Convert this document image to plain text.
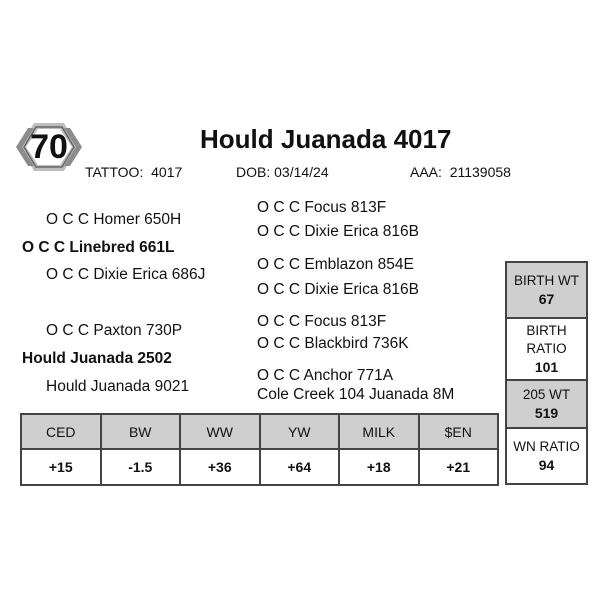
70	Hould Juanada 4017
TATTOO: 4017	DOB: 03/14/24	AAA: 21139058
O C C Homer 650H
O C C Linebred 661L
O C C Dixie Erica 686J
O C C Paxton 730P
Hould Juanada 2502
Hould Juanada 9021
O C C Focus 813F
O C C Dixie Erica 816B
O C C Emblazon 854E
O C C Dixie Erica 816B
O C C Focus 813F
O C C Blackbird 736K
O C C Anchor 771A
Cole Creek 104 Juanada 8M
CED	BW	WW	YW	MILK	$EN
+15	-1.5	+36	+64	+18	+21
BIRTH WT
67
BIRTH
RATIO
101
205 WT
519
WN RATIO
94
